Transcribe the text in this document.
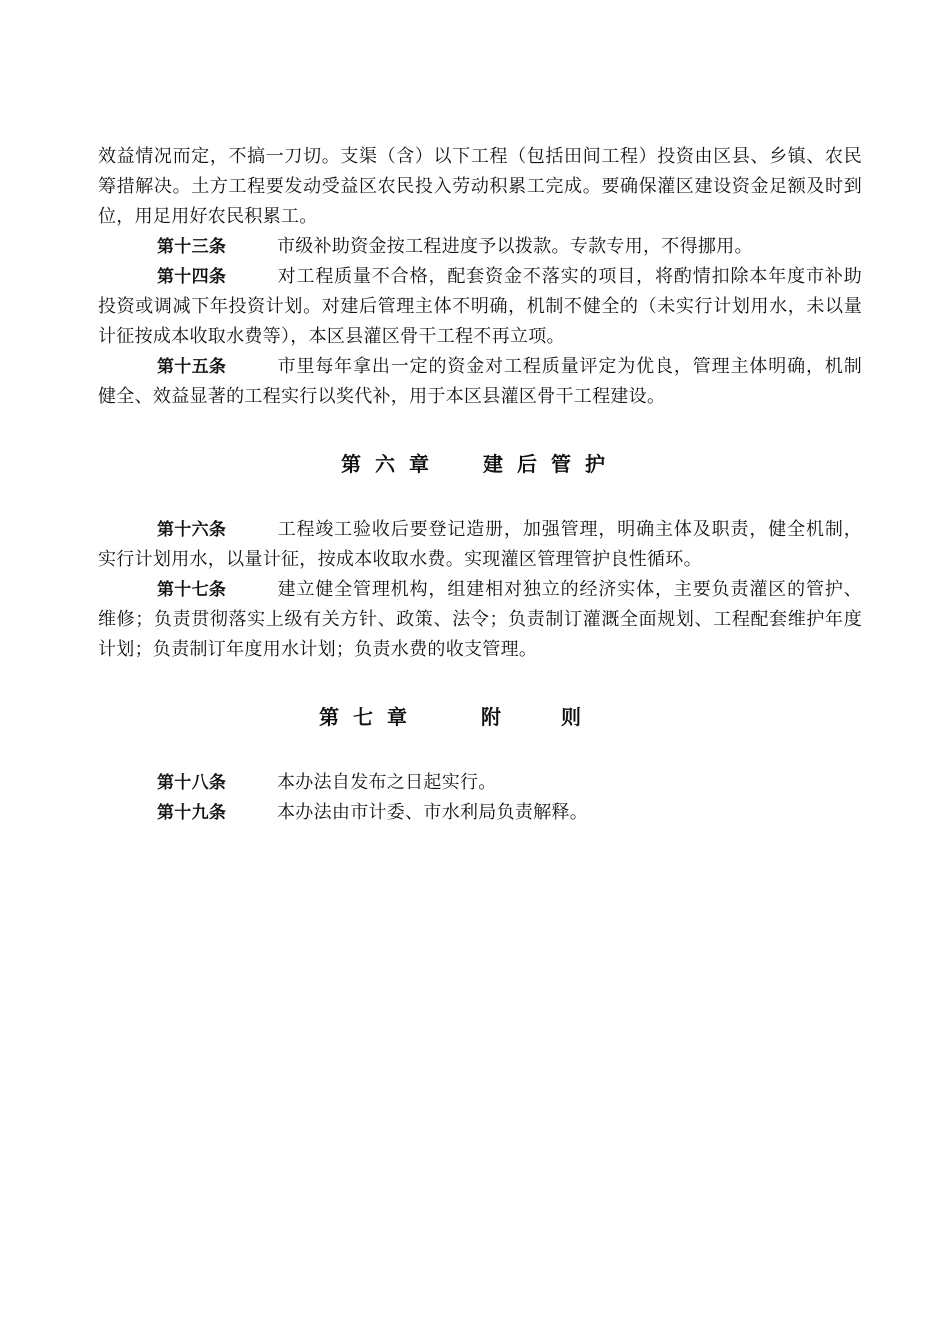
效益情况而定，不搞一刀切。支渠（含）以下工程（包括田间工程）投资由区县、乡镇、农民筹措解决。土方工程要发动受益区农民投入劳动积累工完成。要确保灌区建设资金足额及时到位，用足用好农民积累工。

第十三条	市级补助资金按工程进度予以拨款。专款专用，不得挪用。

第十四条	对工程质量不合格，配套资金不落实的项目，将酌情扣除本年度市补助投资或调减下年投资计划。对建后管理主体不明确，机制不健全的（未实行计划用水，未以量计征按成本收取水费等），本区县灌区骨干工程不再立项。

第十五条	市里每年拿出一定的资金对工程质量评定为优良，管理主体明确，机制健全、效益显著的工程实行以奖代补，用于本区县灌区骨干工程建设。

第六章 建后管护

第十六条	工程竣工验收后要登记造册，加强管理，明确主体及职责，健全机制，实行计划用水，以量计征，按成本收取水费。实现灌区管理管护良性循环。

第十七条	建立健全管理机构，组建相对独立的经济实体，主要负责灌区的管护、维修；负责贯彻落实上级有关方针、政策、法令；负责制订灌溉全面规划、工程配套维护年度计划；负责制订年度用水计划；负责水费的收支管理。

第七章	附则

第十八条	本办法自发布之日起实行。

第十九条	本办法由市计委、市水利局负责解释。
